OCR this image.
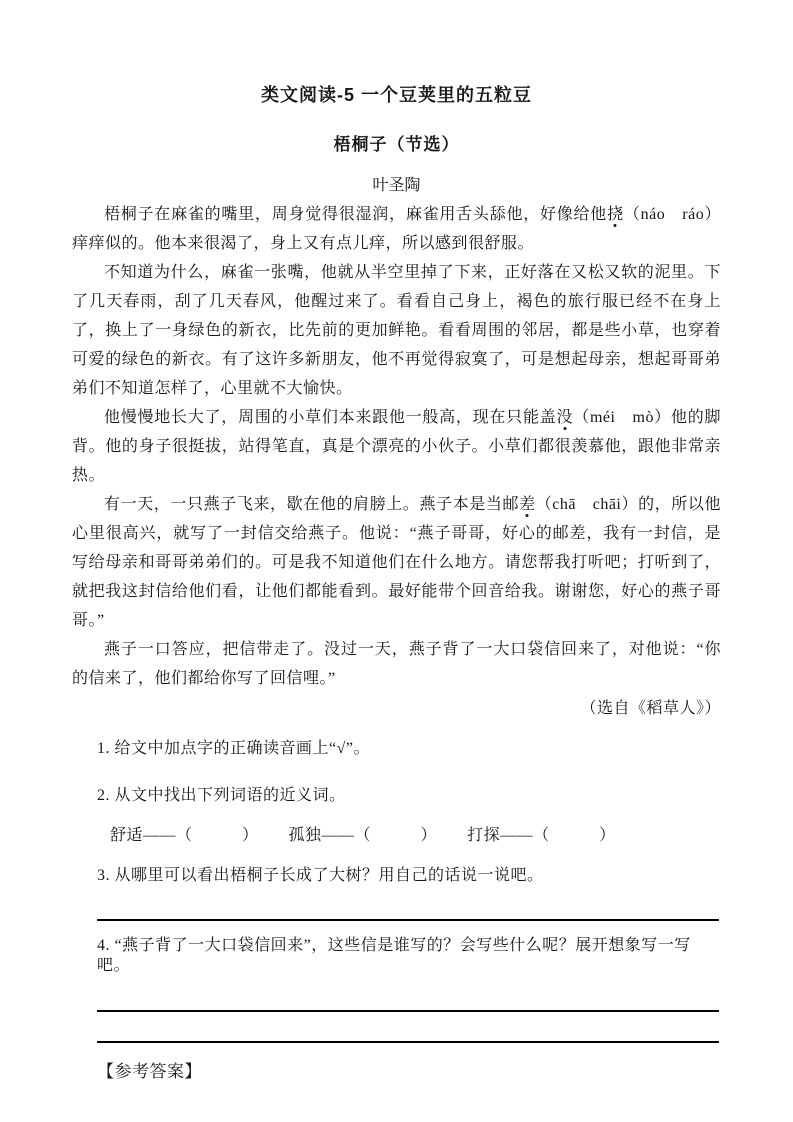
类文阅读-5 一个豆荚里的五粒豆
梧桐子（节选）
叶圣陶

梧桐子在麻雀的嘴里，周身觉得很湿润，麻雀用舌头舔他，好像给他挠（náo　ráo）痒痒似的。他本来很渴了，身上又有点儿痒，所以感到很舒服。

不知道为什么，麻雀一张嘴，他就从半空里掉了下来，正好落在又松又软的泥里。下了几天春雨，刮了几天春风，他醒过来了。看看自己身上，褐色的旅行服已经不在身上了，换上了一身绿色的新衣，比先前的更加鲜艳。看看周围的邻居，都是些小草，也穿着可爱的绿色的新衣。有了这许多新朋友，他不再觉得寂寞了，可是想起母亲，想起哥哥弟弟们不知道怎样了，心里就不大愉快。

他慢慢地长大了，周围的小草们本来跟他一般高，现在只能盖没（méi　mò）他的脚背。他的身子很挺拔，站得笔直，真是个漂亮的小伙子。小草们都很羡慕他，跟他非常亲热。

有一天，一只燕子飞来，歇在他的肩膀上。燕子本是当邮差（chā　chāi）的，所以他心里很高兴，就写了一封信交给燕子。他说：“燕子哥哥，好心的邮差，我有一封信，是写给母亲和哥哥弟弟们的。可是我不知道他们在什么地方。请您帮我打听吧；打听到了，就把我这封信给他们看，让他们都能看到。最好能带个回音给我。谢谢您，好心的燕子哥哥。”

燕子一口答应，把信带走了。没过一天，燕子背了一大口袋信回来了，对他说：“你的信来了，他们都给你写了回信哩。”

（选自《稻草人》）

1. 给文中加点字的正确读音画上“√”。

2. 从文中找出下列词语的近义词。

舒适——（　　　） 孤独——（　　　） 打探——（　　　）

3. 从哪里可以看出梧桐子长成了大树？用自己的话说一说吧。

4. “燕子背了一大口袋信回来”，这些信是谁写的？会写些什么呢？展开想象写一写吧。

【参考答案】
